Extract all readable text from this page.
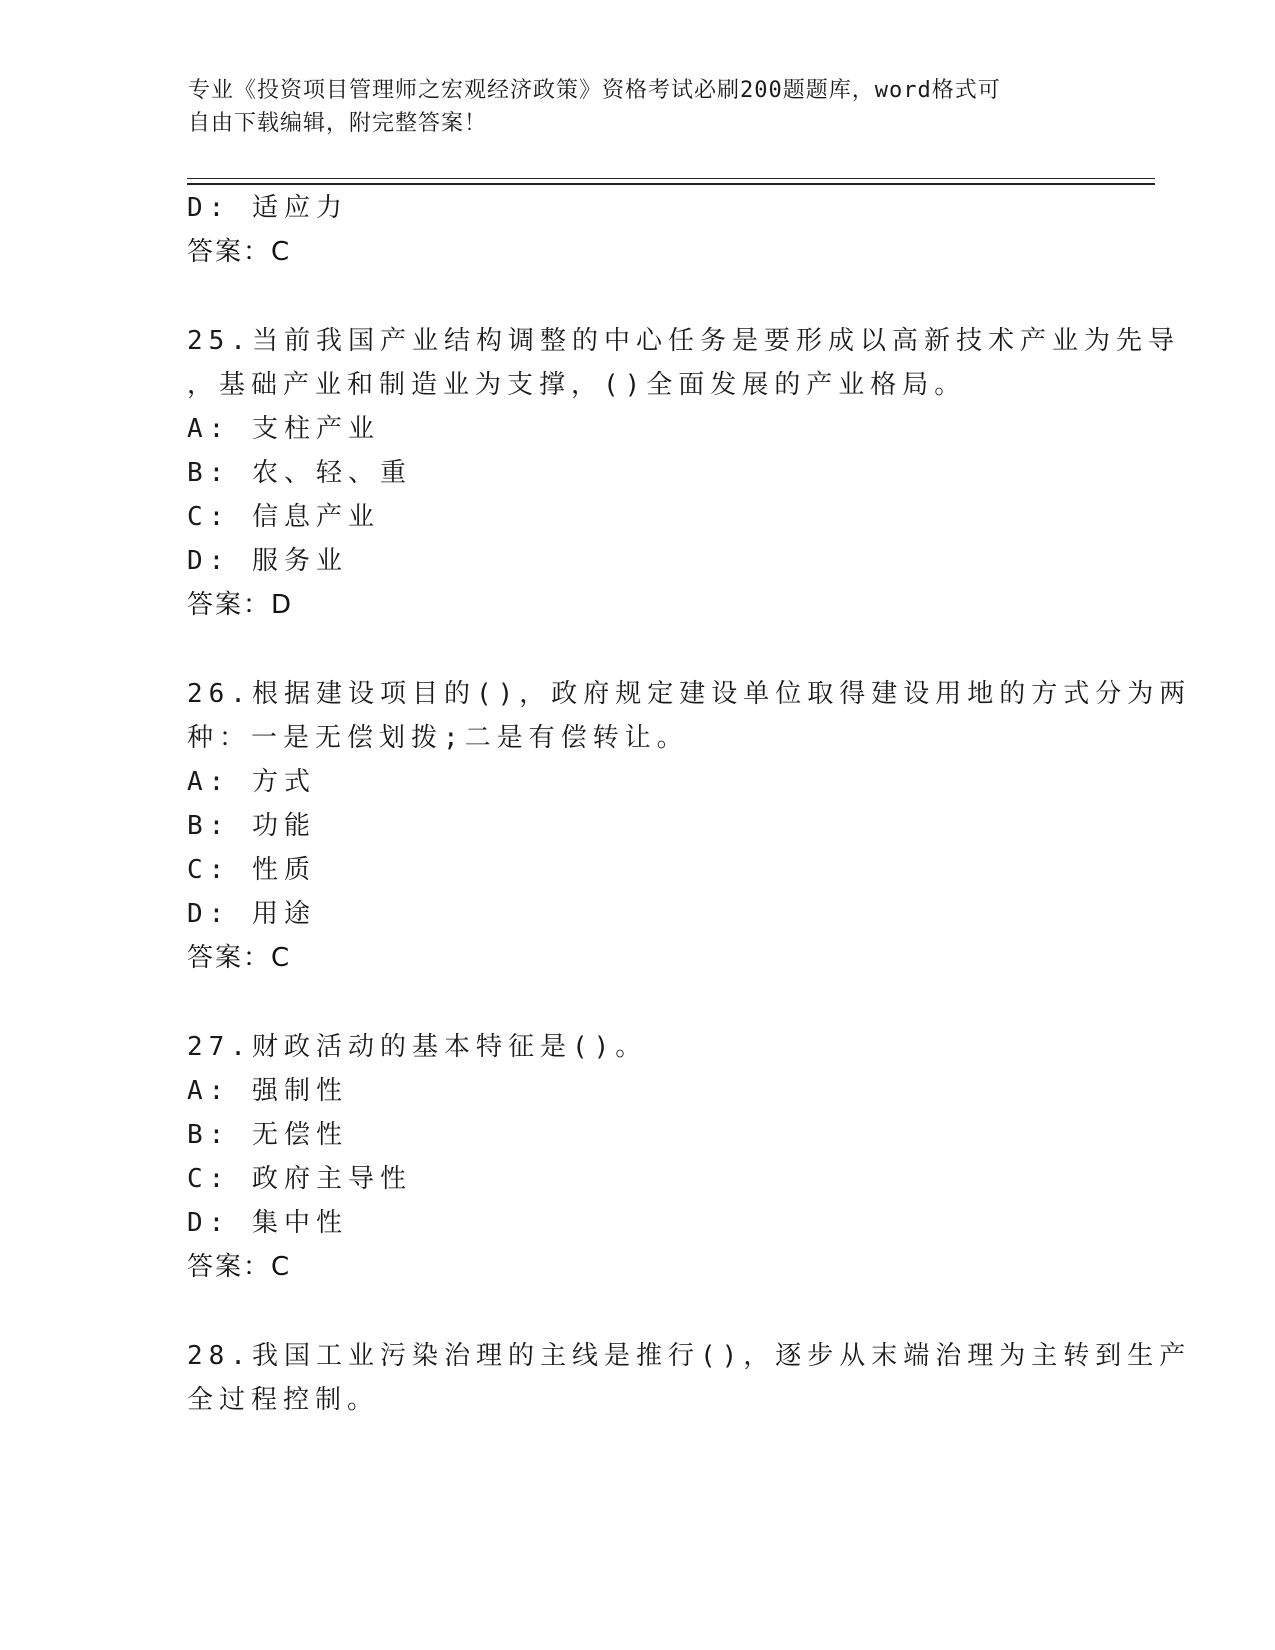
专业《投资项目管理师之宏观经济政策》资格考试必刷200题题库，word格式可
自由下载编辑，附完整答案！
D: 适应力
答案：C
25.当前我国产业结构调整的中心任务是要形成以高新技术产业为先导
，基础产业和制造业为支撑，()全面发展的产业格局。
A: 支柱产业
B: 农、轻、重
C: 信息产业
D: 服务业
答案：D
26.根据建设项目的()，政府规定建设单位取得建设用地的方式分为两
种：一是无偿划拨;二是有偿转让。
A: 方式
B: 功能
C: 性质
D: 用途
答案：C
27.财政活动的基本特征是()。
A: 强制性
B: 无偿性
C: 政府主导性
D: 集中性
答案：C
28.我国工业污染治理的主线是推行()，逐步从末端治理为主转到生产
全过程控制。
